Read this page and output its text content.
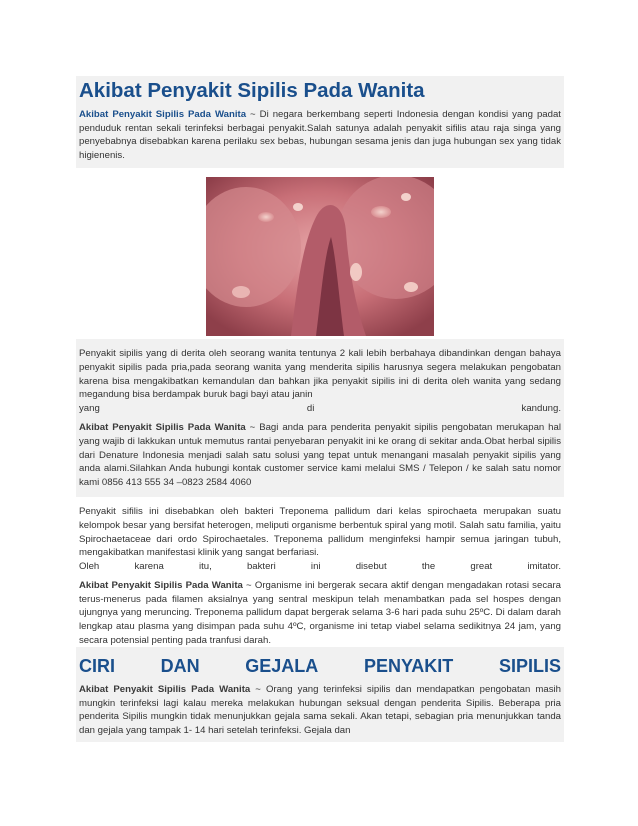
Akibat Penyakit Sipilis Pada Wanita

Akibat Penyakit Sipilis Pada Wanita ~ Di negara berkembang seperti Indonesia dengan kondisi yang padat penduduk rentan sekali terinfeksi berbagai penyakit.Salah satunya adalah penyakit sifilis atau raja singa yang penyebabnya disebabkan karena perilaku sex bebas, hubungan sesama jenis dan juga hubungan sex yang tidak higienenis.

Penyakit sipilis yang di derita oleh seorang wanita tentunya 2 kali lebih berbahaya dibandinkan dengan bahaya penyakit sipilis pada pria,pada seorang wanita yang menderita sipilis harusnya segera melakukan pengobatan karena bisa mengakibatkan kemandulan dan bahkan jika penyakit sipilis ini di derita oleh wanita yang sedang megandung bisa berdampak buruk bagi bayi atau janin
yang di kandung.

Akibat Penyakit Sipilis Pada Wanita ~ Bagi anda para penderita penyakit sipilis pengobatan merukapan hal yang wajib di lakkukan untuk memutus rantai penyebaran penyakit ini ke orang di sekitar anda.Obat herbal sipilis dari Denature Indonesia menjadi salah satu solusi yang tepat untuk menangani masalah penyakit sipilis yang anda alami.Silahkan Anda hubungi kontak customer service kami melalui SMS / Telepon / ke salah satu nomor kami 0856 413 555 34 –0823 2584 4060

Penyakit sifilis ini disebabkan oleh bakteri Treponema pallidum dari kelas spirochaeta merupakan suatu kelompok besar yang bersifat heterogen, meliputi organisme berbentuk spiral yang motil. Salah satu familia, yaitu Spirochaetaceae dari ordo Spirochaetales. Treponema pallidum menginfeksi hampir semua jaringan tubuh, mengakibatkan manifestasi klinik yang sangat berfariasi.
Oleh karena itu, bakteri ini disebut the great imitator.

Akibat Penyakit Sipilis Pada Wanita ~ Organisme ini bergerak secara aktif dengan mengadakan rotasi secara terus-menerus pada filamen aksialnya yang sentral meskipun telah menambatkan pada sel hospes dengan ujungnya yang meruncing. Treponema pallidum dapat bergerak selama 3-6 hari pada suhu 25ºC. Di dalam darah lengkap atau plasma yang disimpan pada suhu 4ºC, organisme ini tetap viabel selama sedikitnya 24 jam, yang secara potensial penting pada tranfusi darah.

CIRI	DAN	GEJALA	PENYAKIT	SIPILIS

Akibat Penyakit Sipilis Pada Wanita ~ Orang yang terinfeksi sipilis dan mendapatkan pengobatan masih mungkin terinfeksi lagi kalau mereka melakukan hubungan seksual dengan penderita Sipilis. Beberapa pria penderita Sipilis mungkin tidak menunjukkan gejala sama sekali. Akan tetapi, sebagian pria menunjukkan tanda dan gejala yang tampak 1- 14 hari setelah terinfeksi. Gejala dan
